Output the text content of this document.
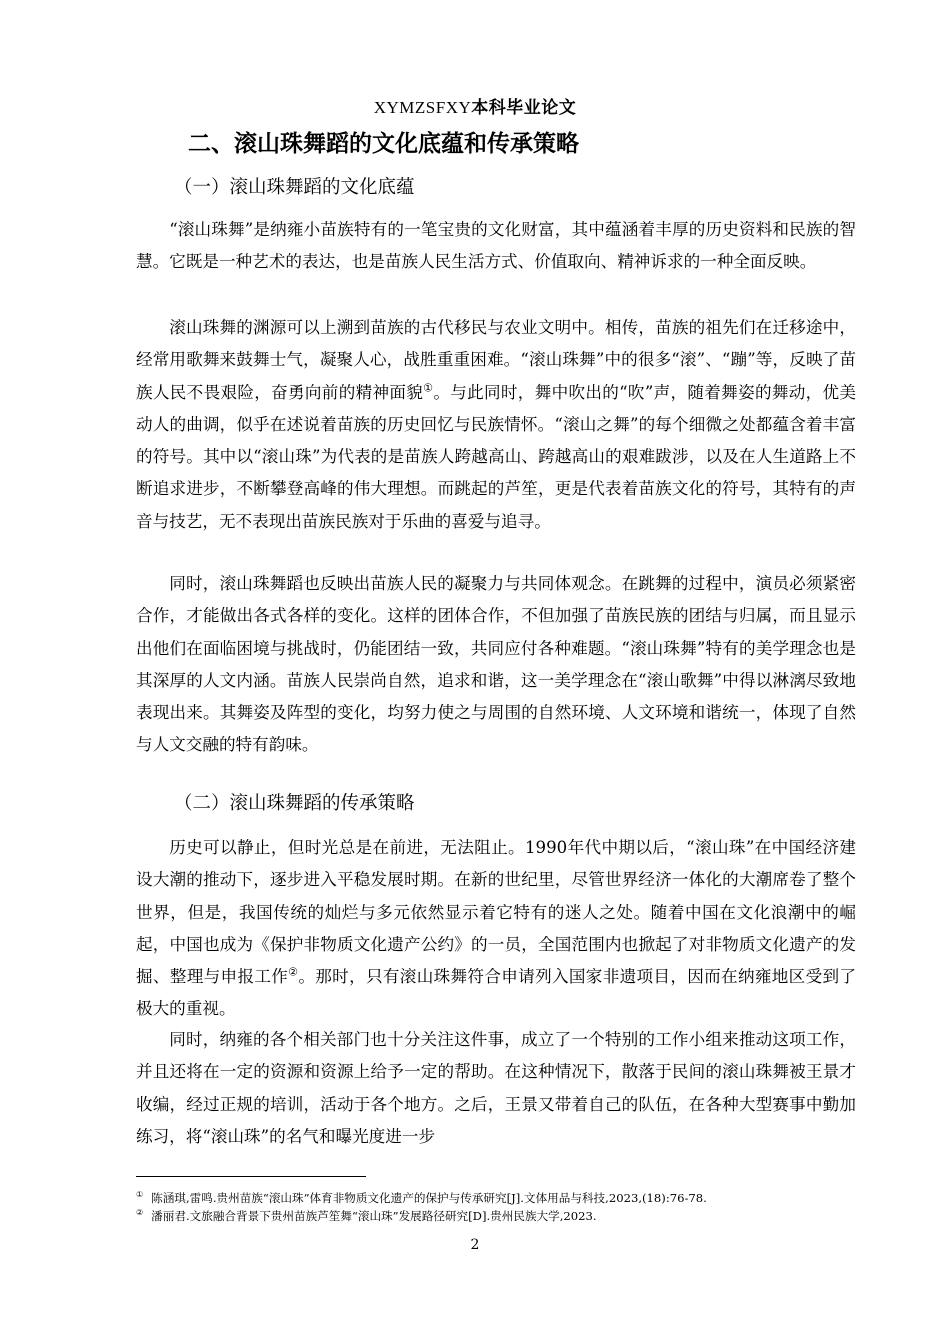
XYMZSFXY本科毕业论文
二、滚山珠舞蹈的文化底蕴和传承策略
（一）滚山珠舞蹈的文化底蕴

“滚山珠舞”是纳雍小苗族特有的一笔宝贵的文化财富，其中蕴涵着丰厚的历史资料和民族的智慧。它既是一种艺术的表达，也是苗族人民生活方式、价值取向、精神诉求的一种全面反映。

滚山珠舞的渊源可以上溯到苗族的古代移民与农业文明中。相传，苗族的祖先们在迁移途中，经常用歌舞来鼓舞士气，凝聚人心，战胜重重困难。“滚山珠舞”中的很多“滚”、“蹦”等，反映了苗族人民不畏艰险，奋勇向前的精神面貌①。与此同时，舞中吹出的“吹”声，随着舞姿的舞动，优美动人的曲调，似乎在述说着苗族的历史回忆与民族情怀。“滚山之舞”的每个细微之处都蕴含着丰富的符号。其中以“滚山珠”为代表的是苗族人跨越高山、跨越高山的艰难跋涉，以及在人生道路上不断追求进步，不断攀登高峰的伟大理想。而跳起的芦笙，更是代表着苗族文化的符号，其特有的声音与技艺，无不表现出苗族民族对于乐曲的喜爱与追寻。

同时，滚山珠舞蹈也反映出苗族人民的凝聚力与共同体观念。在跳舞的过程中，演员必须紧密合作，才能做出各式各样的变化。这样的团体合作，不但加强了苗族民族的团结与归属，而且显示出他们在面临困境与挑战时，仍能团结一致，共同应付各种难题。“滚山珠舞”特有的美学理念也是其深厚的人文内涵。苗族人民崇尚自然，追求和谐，这一美学理念在“滚山歌舞”中得以淋漓尽致地表现出来。其舞姿及阵型的变化，均努力使之与周围的自然环境、人文环境和谐统一，体现了自然与人文交融的特有韵味。

（二）滚山珠舞蹈的传承策略

历史可以静止，但时光总是在前进，无法阻止。1990年代中期以后，“滚山珠”在中国经济建设大潮的推动下，逐步进入平稳发展时期。在新的世纪里，尽管世界经济一体化的大潮席卷了整个世界，但是，我国传统的灿烂与多元依然显示着它特有的迷人之处。随着中国在文化浪潮中的崛起，中国也成为《保护非物质文化遗产公约》的一员，全国范围内也掀起了对非物质文化遗产的发掘、整理与申报工作②。那时，只有滚山珠舞符合申请列入国家非遗项目，因而在纳雍地区受到了极大的重视。

同时，纳雍的各个相关部门也十分关注这件事，成立了一个特别的工作小组来推动这项工作，并且还将在一定的资源和资源上给予一定的帮助。在这种情况下，散落于民间的滚山珠舞被王景才收编，经过正规的培训，活动于各个地方。之后，王景又带着自己的队伍，在各种大型赛事中勤加练习，将“滚山珠”的名气和曝光度进一步

① 陈涵琪,雷鸣.贵州苗族“滚山珠”体育非物质文化遗产的保护与传承研究[J].文体用品与科技,2023,(18):76-78.

② 潘丽君.文旅融合背景下贵州苗族芦笙舞“滚山珠”发展路径研究[D].贵州民族大学,2023.

2
